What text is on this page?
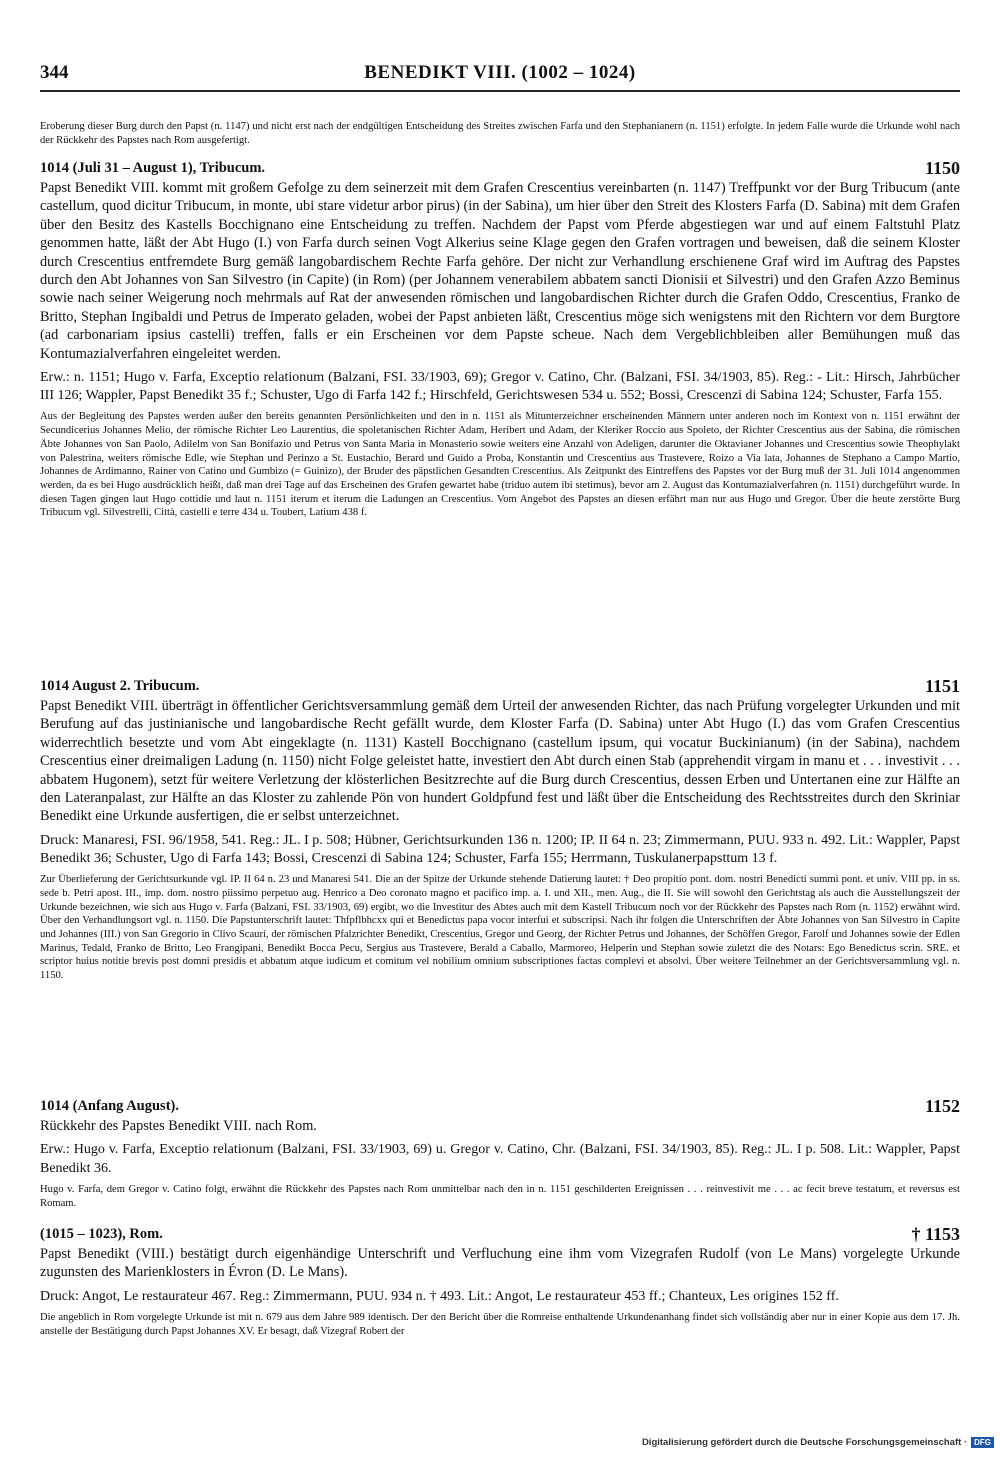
344	BENEDIKT VIII. (1002 – 1024)

Eroberung dieser Burg durch den Papst (n. 1147) und nicht erst nach der endgültigen Entscheidung des Streites zwischen Farfa und den Stephanianern (n. 1151) erfolgte. In jedem Falle wurde die Urkunde wohl nach der Rückkehr des Papstes nach Rom ausgefertigt.

1014 (Juli 31 – August 1), Tribucum.	1150

Papst Benedikt VIII. kommt mit großem Gefolge zu dem seinerzeit mit dem Grafen Crescentius vereinbarten (n. 1147) Treffpunkt vor der Burg Tribucum (ante castellum, quod dicitur Tribucum, in monte, ubi stare videtur arbor pirus) (in der Sabina), um hier über den Streit des Klosters Farfa (D. Sabina) mit dem Grafen über den Besitz des Kastells Bocchignano eine Entscheidung zu treffen. Nachdem der Papst vom Pferde abgestiegen war und auf einem Faltstuhl Platz genommen hatte, läßt der Abt Hugo (I.) von Farfa durch seinen Vogt Alkerius seine Klage gegen den Grafen vortragen und beweisen, daß die seinem Kloster durch Crescentius entfremdete Burg gemäß langobardischem Rechte Farfa gehöre. Der nicht zur Verhandlung erschienene Graf wird im Auftrag des Papstes durch den Abt Johannes von San Silvestro (in Capite) (in Rom) (per Johannem venerabilem abbatem sancti Dionisii et Silvestri) und den Grafen Azzo Beminus sowie nach seiner Weigerung noch mehrmals auf Rat der anwesenden römischen und langobardischen Richter durch die Grafen Oddo, Crescentius, Franko de Britto, Stephan Ingibaldi und Petrus de Imperato geladen, wobei der Papst anbieten läßt, Crescentius möge sich wenigstens mit den Richtern vor dem Burgtore (ad carbonariam ipsius castelli) treffen, falls er ein Erscheinen vor dem Papste scheue. Nach dem Vergeblichbleiben aller Bemühungen muß das Kontumazialverfahren eingeleitet werden.

Erw.: n. 1151; Hugo v. Farfa, Exceptio relationum (Balzani, FSI. 33/1903, 69); Gregor v. Catino, Chr. (Balzani, FSI. 34/1903, 85). Reg.: - Lit.: Hirsch, Jahrbücher III 126; Wappler, Papst Benedikt 35 f.; Schuster, Ugo di Farfa 142 f.; Hirschfeld, Gerichtswesen 534 u. 552; Bossi, Crescenzi di Sabina 124; Schuster, Farfa 155.

Aus der Begleitung des Papstes werden außer den bereits genannten Persönlichkeiten und den in n. 1151 als Mitunterzeichner erscheinenden Männern unter anderen noch im Kontext von n. 1151 erwähnt der Secundicerius Johannes Melio, der römische Richter Leo Laurentius, die spoletanischen Richter Adam, Heribert und Adam, der Kleriker Roccio aus Spoleto, der Richter Crescentius aus der Sabina, die römischen Äbte Johannes von San Paolo, Adilelm von San Bonifazio und Petrus von Santa Maria in Monasterio sowie weiters eine Anzahl von Adeligen, darunter die Oktavianer Johannes und Crescentius sowie Theophylakt von Palestrina, weiters römische Edle, wie Stephan und Perinzo a St. Eustachio, Berard und Guido a Proba, Konstantin und Crescentius aus Trastevere, Roizo a Via lata, Johannes de Stephano a Campo Martio, Johannes de Ardimanno, Rainer von Catino und Gumbizo (= Guinizo), der Bruder des päpstlichen Gesandten Crescentius. Als Zeitpunkt des Eintreffens des Papstes vor der Burg muß der 31. Juli 1014 angenommen werden, da es bei Hugo ausdrücklich heißt, daß man drei Tage auf das Erscheinen des Grafen gewartet habe (triduo autem ibi stetimus), bevor am 2. August das Kontumazialverfahren (n. 1151) durchgeführt wurde. In diesen Tagen gingen laut Hugo cottidie und laut n. 1151 iterum et iterum die Ladungen an Crescentius. Vom Angebot des Papstes an diesen erfährt man nur aus Hugo und Gregor. Über die heute zerstörte Burg Tribucum vgl. Silvestrelli, Città, castelli e terre 434 u. Toubert, Latium 438 f.

1014 August 2. Tribucum.	1151

Papst Benedikt VIII. überträgt in öffentlicher Gerichtsversammlung gemäß dem Urteil der anwesenden Richter, das nach Prüfung vorgelegter Urkunden und mit Berufung auf das justinianische und langobardische Recht gefällt wurde, dem Kloster Farfa (D. Sabina) unter Abt Hugo (I.) das vom Grafen Crescentius widerrechtlich besetzte und vom Abt eingeklagte (n. 1131) Kastell Bocchignano (castellum ipsum, qui vocatur Buckinianum) (in der Sabina), nachdem Crescentius einer dreimaligen Ladung (n. 1150) nicht Folge geleistet hatte, investiert den Abt durch einen Stab (apprehendit virgam in manu et . . . investivit . . . abbatem Hugonem), setzt für weitere Verletzung der klösterlichen Besitzrechte auf die Burg durch Crescentius, dessen Erben und Untertanen eine zur Hälfte an den Lateranpalast, zur Hälfte an das Kloster zu zahlende Pön von hundert Goldpfund fest und läßt über die Entscheidung des Rechtsstreites durch den Skriniar Benedikt eine Urkunde ausfertigen, die er selbst unterzeichnet.

Druck: Manaresi, FSI. 96/1958, 541. Reg.: JL. I p. 508; Hübner, Gerichtsurkunden 136 n. 1200; IP. II 64 n. 23; Zimmermann, PUU. 933 n. 492. Lit.: Wappler, Papst Benedikt 36; Schuster, Ugo di Farfa 143; Bossi, Crescenzi di Sabina 124; Schuster, Farfa 155; Herrmann, Tuskulanerpapsttum 13 f.

Zur Überlieferung der Gerichtsurkunde vgl. IP. II 64 n. 23 und Manaresi 541. Die an der Spitze der Urkunde stehende Datierung lautet: † Deo propitio pont. dom. nostri Benedicti summi pont. et univ. VIII pp. in ss. sede b. Petri apost. III., imp. dom. nostro piissimo perpetuo aug. Henrico a Deo coronato magno et pacifico imp. a. I. und XII., men. Aug., die II. Sie will sowohl den Gerichtstag als auch die Ausstellungszeit der Urkunde bezeichnen, wie sich aus Hugo v. Farfa (Balzani, FSI. 33/1903, 69) ergibt, wo die Investitur des Abtes auch mit dem Kastell Tribucum noch vor der Rückkehr des Papstes nach Rom (n. 1152) erwähnt wird. Über den Verhandlungsort vgl. n. 1150. Die Papstunterschrift lautet: Thfpflbhcxx qui et Benedictus papa vocor interfui et subscripsi. Nach ihr folgen die Unterschriften der Äbte Johannes von San Silvestro in Capite und Johannes (III.) von San Gregorio in Clivo Scauri, der römischen Pfalzrichter Benedikt, Crescentius, Gregor und Georg, der Richter Petrus und Johannes, der Schöffen Gregor, Farolf und Johannes sowie der Edlen Marinus, Tedald, Franko de Britto, Leo Frangipani, Benedikt Bocca Pecu, Sergius aus Trastevere, Berald a Caballo, Marmoreo, Helperin und Stephan sowie zuletzt die des Notars: Ego Benedictus scrin. SRE. et scriptor huius notitie brevis post domni presidis et abbatum atque iudicum et comitum vel nobilium omnium subscriptiones factas complevi et absolvi. Über weitere Teilnehmer an der Gerichtsversammlung vgl. n. 1150.

1014 (Anfang August).	1152

Rückkehr des Papstes Benedikt VIII. nach Rom.

Erw.: Hugo v. Farfa, Exceptio relationum (Balzani, FSI. 33/1903, 69) u. Gregor v. Catino, Chr. (Balzani, FSI. 34/1903, 85). Reg.: JL. I p. 508. Lit.: Wappler, Papst Benedikt 36.

Hugo v. Farfa, dem Gregor v. Catino folgt, erwähnt die Rückkehr des Papstes nach Rom unmittelbar nach den in n. 1151 geschilderten Ereignissen . . . reinvestivit me . . . ac fecit breve testatum, et reversus est Romam.

(1015 – 1023), Rom.	† 1153

Papst Benedikt (VIII.) bestätigt durch eigenhändige Unterschrift und Verfluchung eine ihm vom Vizegrafen Rudolf (von Le Mans) vorgelegte Urkunde zugunsten des Marienklosters in Évron (D. Le Mans).

Druck: Angot, Le restaurateur 467. Reg.: Zimmermann, PUU. 934 n. † 493. Lit.: Angot, Le restaurateur 453 ff.; Chanteux, Les origines 152 ff.

Die angeblich in Rom vorgelegte Urkunde ist mit n. 679 aus dem Jahre 989 identisch. Der den Bericht über die Romreise enthaltende Urkundenanhang findet sich vollständig aber nur in einer Kopie aus dem 17. Jh. anstelle der Bestätigung durch Papst Johannes XV. Er besagt, daß Vizegraf Robert der

Digitalisierung gefördert durch die Deutsche Forschungsgemeinschaft · DFG
